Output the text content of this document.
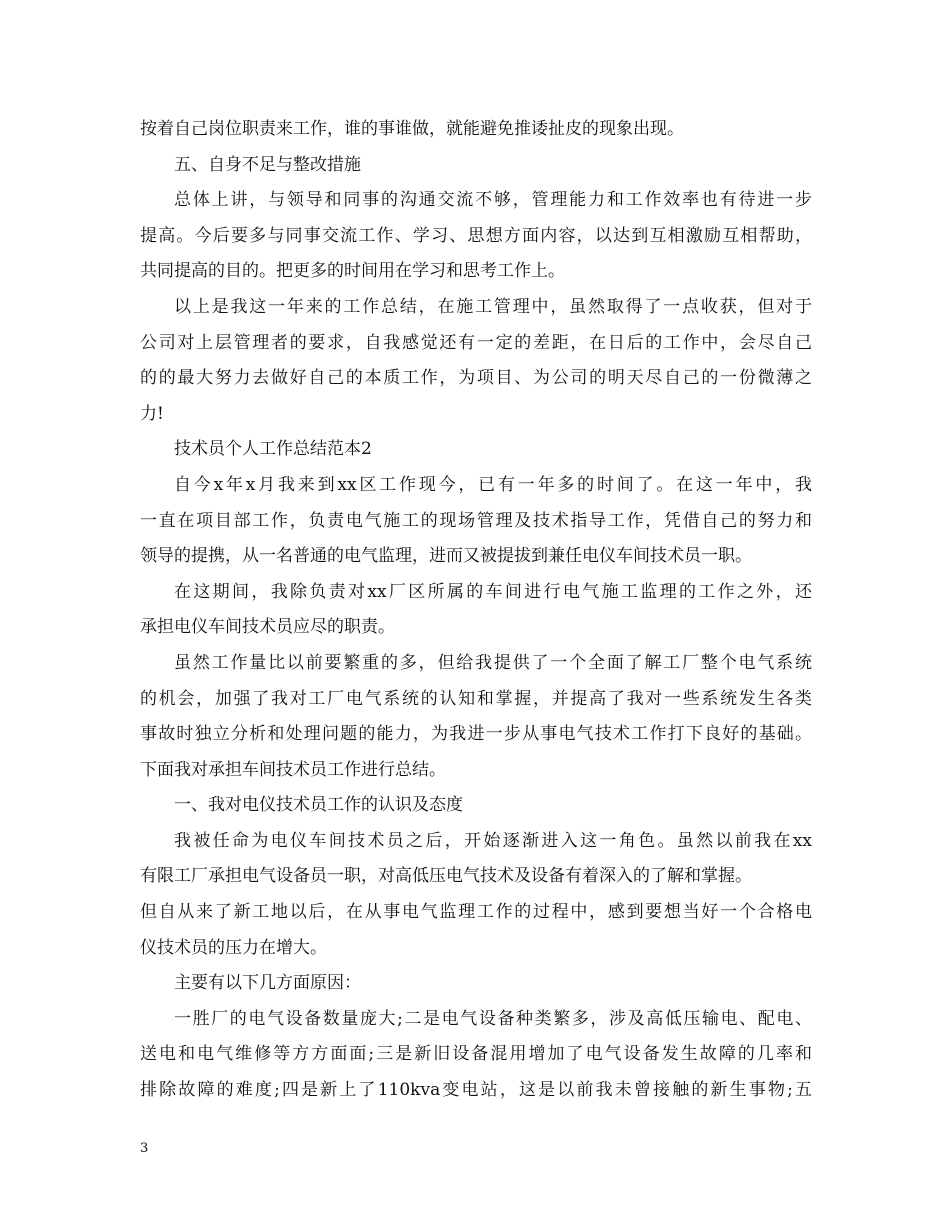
按着自己岗位职责来工作，谁的事谁做，就能避免推诿扯皮的现象出现。
五、自身不足与整改措施
总体上讲，与领导和同事的沟通交流不够，管理能力和工作效率也有待进一步
提高。今后要多与同事交流工作、学习、思想方面内容，以达到互相激励互相帮助，
共同提高的目的。把更多的时间用在学习和思考工作上。
以上是我这一年来的工作总结，在施工管理中，虽然取得了一点收获，但对于
公司对上层管理者的要求，自我感觉还有一定的差距，在日后的工作中，会尽自己
的的最大努力去做好自己的本质工作，为项目、为公司的明天尽自己的一份微薄之
力!
技术员个人工作总结范本2
自今x年x月我来到xx区工作现今，已有一年多的时间了。在这一年中，我
一直在项目部工作，负责电气施工的现场管理及技术指导工作，凭借自己的努力和
领导的提携，从一名普通的电气监理，进而又被提拔到兼任电仪车间技术员一职。
在这期间，我除负责对xx厂区所属的车间进行电气施工监理的工作之外，还
承担电仪车间技术员应尽的职责。
虽然工作量比以前要繁重的多，但给我提供了一个全面了解工厂整个电气系统
的机会，加强了我对工厂电气系统的认知和掌握，并提高了我对一些系统发生各类
事故时独立分析和处理问题的能力，为我进一步从事电气技术工作打下良好的基础。
下面我对承担车间技术员工作进行总结。
一、我对电仪技术员工作的认识及态度
我被任命为电仪车间技术员之后，开始逐渐进入这一角色。虽然以前我在xx
有限工厂承担电气设备员一职，对高低压电气技术及设备有着深入的了解和掌握。
但自从来了新工地以后，在从事电气监理工作的过程中，感到要想当好一个合格电
仪技术员的压力在增大。
主要有以下几方面原因：
一胜厂的电气设备数量庞大;二是电气设备种类繁多，涉及高低压输电、配电、
送电和电气维修等方方面面;三是新旧设备混用增加了电气设备发生故障的几率和
排除故障的难度;四是新上了110kva变电站，这是以前我未曾接触的新生事物;五
3
